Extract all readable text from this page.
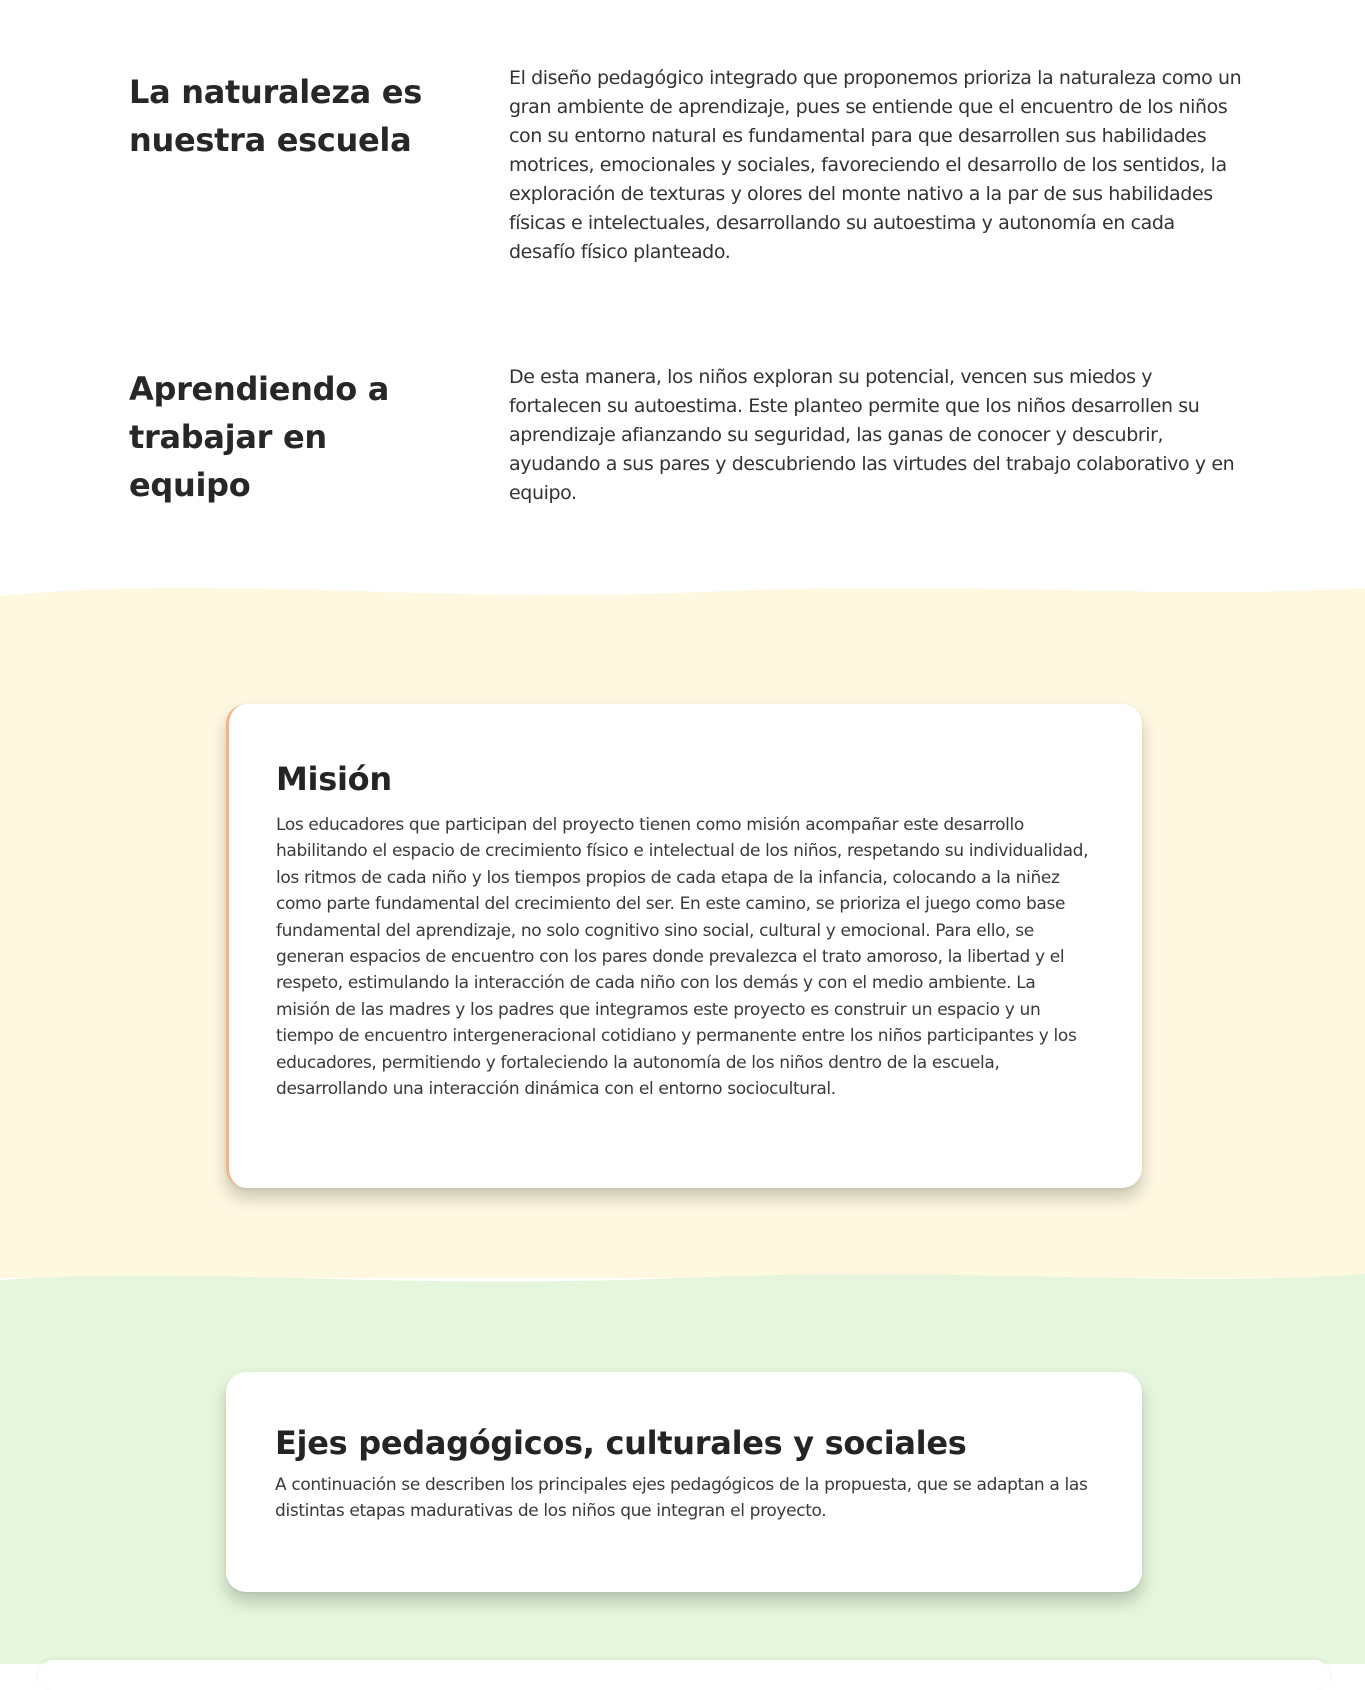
La naturaleza es nuestra escuela

El diseño pedagógico integrado que proponemos prioriza la naturaleza como un gran ambiente de aprendizaje, pues se entiende que el encuentro de los niños con su entorno natural es fundamental para que desarrollen sus habilidades motrices, emocionales y sociales, favoreciendo el desarrollo de los sentidos, la exploración de texturas y olores del monte nativo a la par de sus habilidades físicas e intelectuales, desarrollando su autoestima y autonomía en cada desafío físico planteado.

Aprendiendo a trabajar en equipo

De esta manera, los niños exploran su potencial, vencen sus miedos y fortalecen su autoestima. Este planteo permite que los niños desarrollen su aprendizaje afianzando su seguridad, las ganas de conocer y descubrir, ayudando a sus pares y descubriendo las virtudes del trabajo colaborativo y en equipo.

Misión

Los educadores que participan del proyecto tienen como misión acompañar este desarrollo habilitando el espacio de crecimiento físico e intelectual de los niños, respetando su individualidad, los ritmos de cada niño y los tiempos propios de cada etapa de la infancia, colocando a la niñez como parte fundamental del crecimiento del ser. En este camino, se prioriza el juego como base fundamental del aprendizaje, no solo cognitivo sino social, cultural y emocional. Para ello, se generan espacios de encuentro con los pares donde prevalezca el trato amoroso, la libertad y el respeto, estimulando la interacción de cada niño con los demás y con el medio ambiente. La misión de las madres y los padres que integramos este proyecto es construir un espacio y un tiempo de encuentro intergeneracional cotidiano y permanente entre los niños participantes y los educadores, permitiendo y fortaleciendo la autonomía de los niños dentro de la escuela, desarrollando una interacción dinámica con el entorno sociocultural.

Ejes pedagógicos, culturales y sociales

A continuación se describen los principales ejes pedagógicos de la propuesta, que se adaptan a las distintas etapas madurativas de los niños que integran el proyecto.
